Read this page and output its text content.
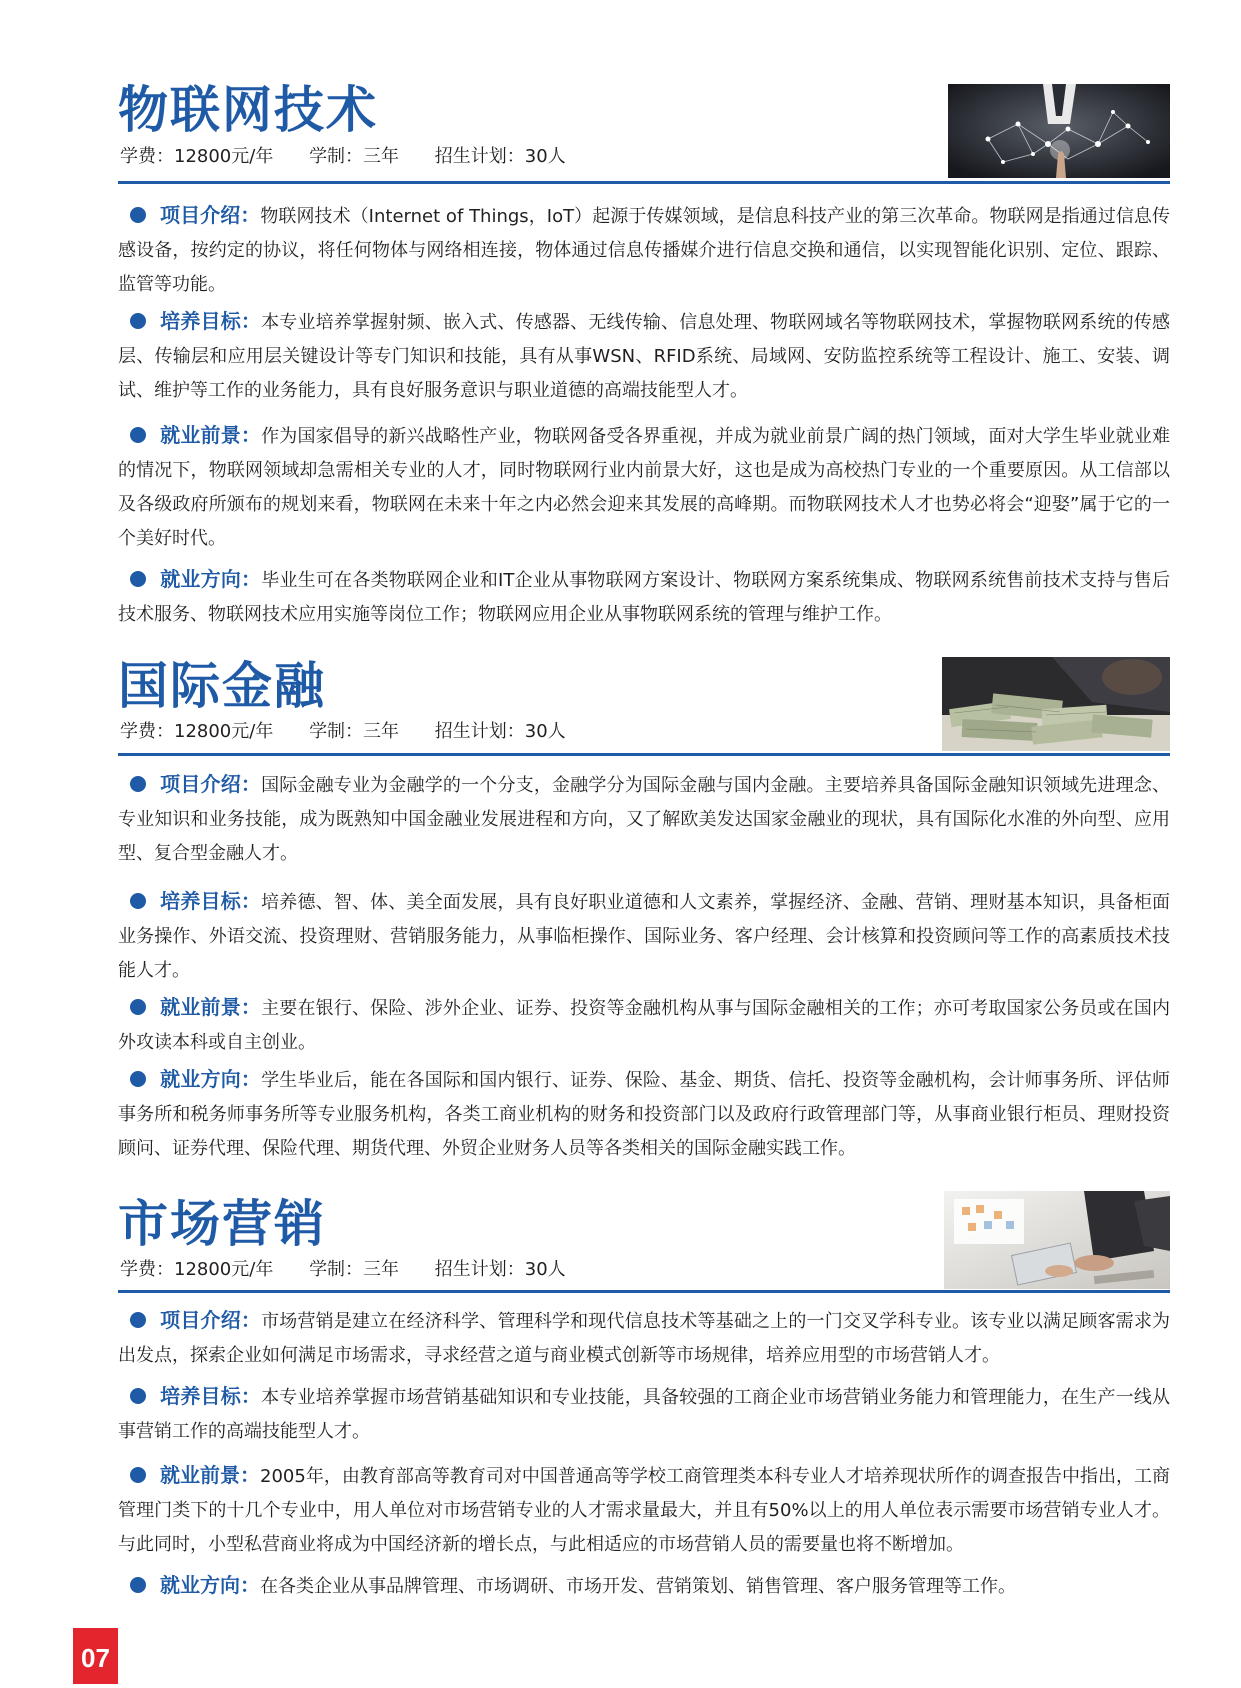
物联网技术
学费：12800元/年 学制：三年 招生计划：30人
项目介绍：物联网技术（Internet of Things，IoT）起源于传媒领域，是信息科技产业的第三次革命。物联网是指通过信息传感设备，按约定的协议，将任何物体与网络相连接，物体通过信息传播媒介进行信息交换和通信，以实现智能化识别、定位、跟踪、监管等功能。
培养目标：本专业培养掌握射频、嵌入式、传感器、无线传输、信息处理、物联网域名等物联网技术，掌握物联网系统的传感层、传输层和应用层关键设计等专门知识和技能，具有从事WSN、RFID系统、局域网、安防监控系统等工程设计、施工、安装、调试、维护等工作的业务能力，具有良好服务意识与职业道德的高端技能型人才。
就业前景：作为国家倡导的新兴战略性产业，物联网备受各界重视，并成为就业前景广阔的热门领域，面对大学生毕业就业难的情况下，物联网领域却急需相关专业的人才，同时物联网行业内前景大好，这也是成为高校热门专业的一个重要原因。从工信部以及各级政府所颁布的规划来看，物联网在未来十年之内必然会迎来其发展的高峰期。而物联网技术人才也势必将会“迎娶”属于它的一个美好时代。
就业方向：毕业生可在各类物联网企业和IT企业从事物联网方案设计、物联网方案系统集成、物联网系统售前技术支持与售后技术服务、物联网技术应用实施等岗位工作；物联网应用企业从事物联网系统的管理与维护工作。
国际金融
学费：12800元/年 学制：三年 招生计划：30人
项目介绍：国际金融专业为金融学的一个分支，金融学分为国际金融与国内金融。主要培养具备国际金融知识领域先进理念、专业知识和业务技能，成为既熟知中国金融业发展进程和方向，又了解欧美发达国家金融业的现状，具有国际化水准的外向型、应用型、复合型金融人才。
培养目标：培养德、智、体、美全面发展，具有良好职业道德和人文素养，掌握经济、金融、营销、理财基本知识，具备柜面业务操作、外语交流、投资理财、营销服务能力，从事临柜操作、国际业务、客户经理、会计核算和投资顾问等工作的高素质技术技能人才。
就业前景：主要在银行、保险、涉外企业、证券、投资等金融机构从事与国际金融相关的工作；亦可考取国家公务员或在国内外攻读本科或自主创业。
就业方向：学生毕业后，能在各国际和国内银行、证券、保险、基金、期货、信托、投资等金融机构，会计师事务所、评估师事务所和税务师事务所等专业服务机构，各类工商业机构的财务和投资部门以及政府行政管理部门等，从事商业银行柜员、理财投资顾问、证券代理、保险代理、期货代理、外贸企业财务人员等各类相关的国际金融实践工作。
市场营销
学费：12800元/年 学制：三年 招生计划：30人
项目介绍：市场营销是建立在经济科学、管理科学和现代信息技术等基础之上的一门交叉学科专业。该专业以满足顾客需求为出发点，探索企业如何满足市场需求，寻求经营之道与商业模式创新等市场规律，培养应用型的市场营销人才。
培养目标：本专业培养掌握市场营销基础知识和专业技能，具备较强的工商企业市场营销业务能力和管理能力，在生产一线从事营销工作的高端技能型人才。
就业前景：2005年，由教育部高等教育司对中国普通高等学校工商管理类本科专业人才培养现状所作的调查报告中指出，工商管理门类下的十几个专业中，用人单位对市场营销专业的人才需求量最大，并且有50%以上的用人单位表示需要市场营销专业人才。与此同时，小型私营商业将成为中国经济新的增长点，与此相适应的市场营销人员的需要量也将不断增加。
就业方向：在各类企业从事品牌管理、市场调研、市场开发、营销策划、销售管理、客户服务管理等工作。
07
